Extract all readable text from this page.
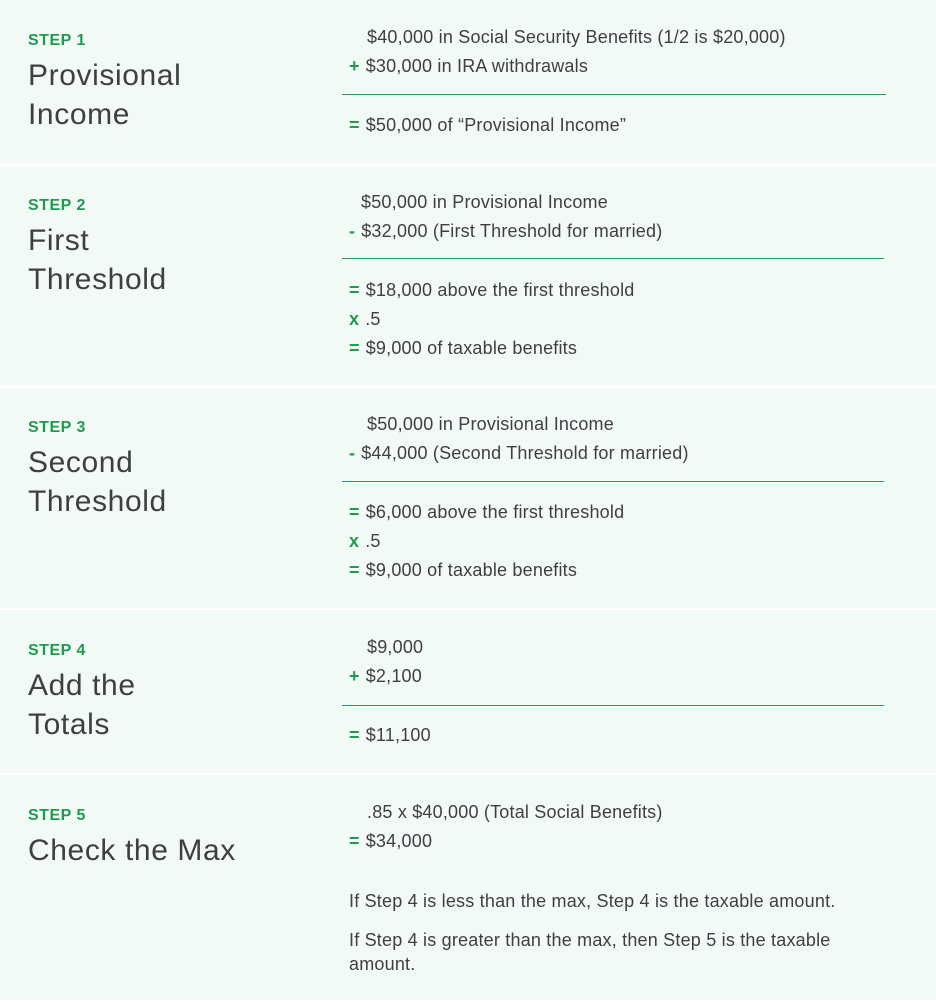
STEP 1
Provisional
Income
$40,000 in Social Security Benefits (1/2 is $20,000)
+ $30,000 in IRA withdrawals
= $50,000 of “Provisional Income”
STEP 2
First
Threshold
$50,000 in Provisional Income
- $32,000 (First Threshold for married)
= $18,000 above the first threshold
x .5
= $9,000 of taxable benefits
STEP 3
Second
Threshold
$50,000 in Provisional Income
- $44,000 (Second Threshold for married)
= $6,000 above the first threshold
x .5
= $9,000 of taxable benefits
STEP 4
Add the
Totals
$9,000
+ $2,100
= $11,100
STEP 5
Check the Max
.85 x $40,000 (Total Social Benefits)
= $34,000
If Step 4 is less than the max, Step 4 is the taxable amount.
If Step 4 is greater than the max, then Step 5 is the taxable amount.
